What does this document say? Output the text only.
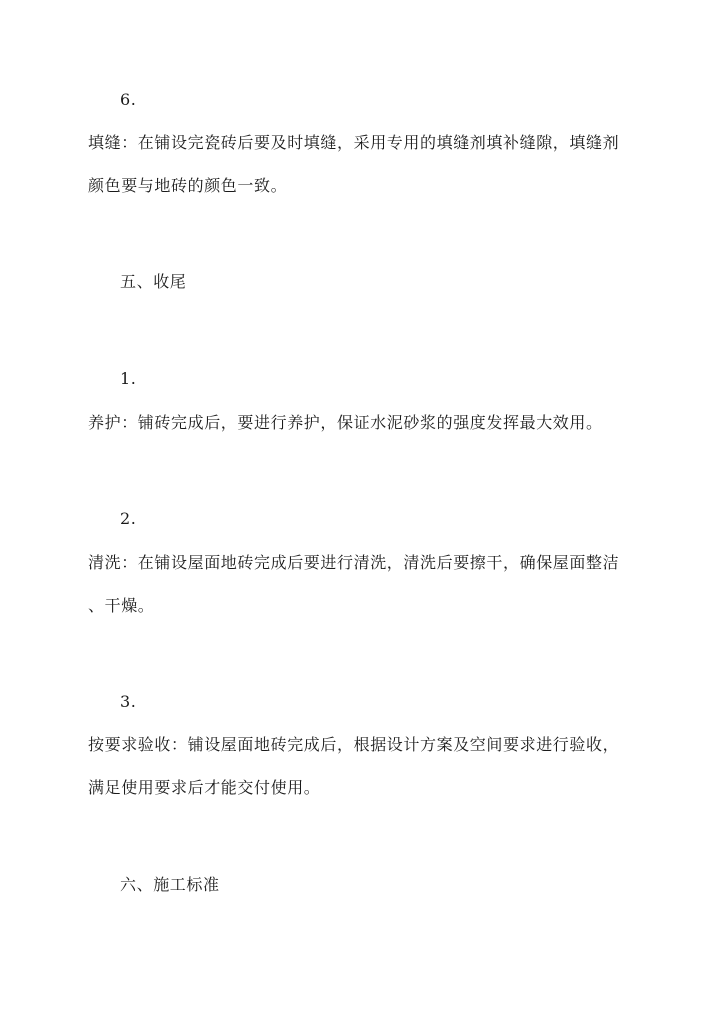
6.
填缝：在铺设完瓷砖后要及时填缝，采用专用的填缝剂填补缝隙，填缝剂
颜色要与地砖的颜色一致。
五、收尾
1.
养护：铺砖完成后，要进行养护，保证水泥砂浆的强度发挥最大效用。
2.
清洗：在铺设屋面地砖完成后要进行清洗，清洗后要擦干，确保屋面整洁
、干燥。
3.
按要求验收：铺设屋面地砖完成后，根据设计方案及空间要求进行验收，
满足使用要求后才能交付使用。
六、施工标准
